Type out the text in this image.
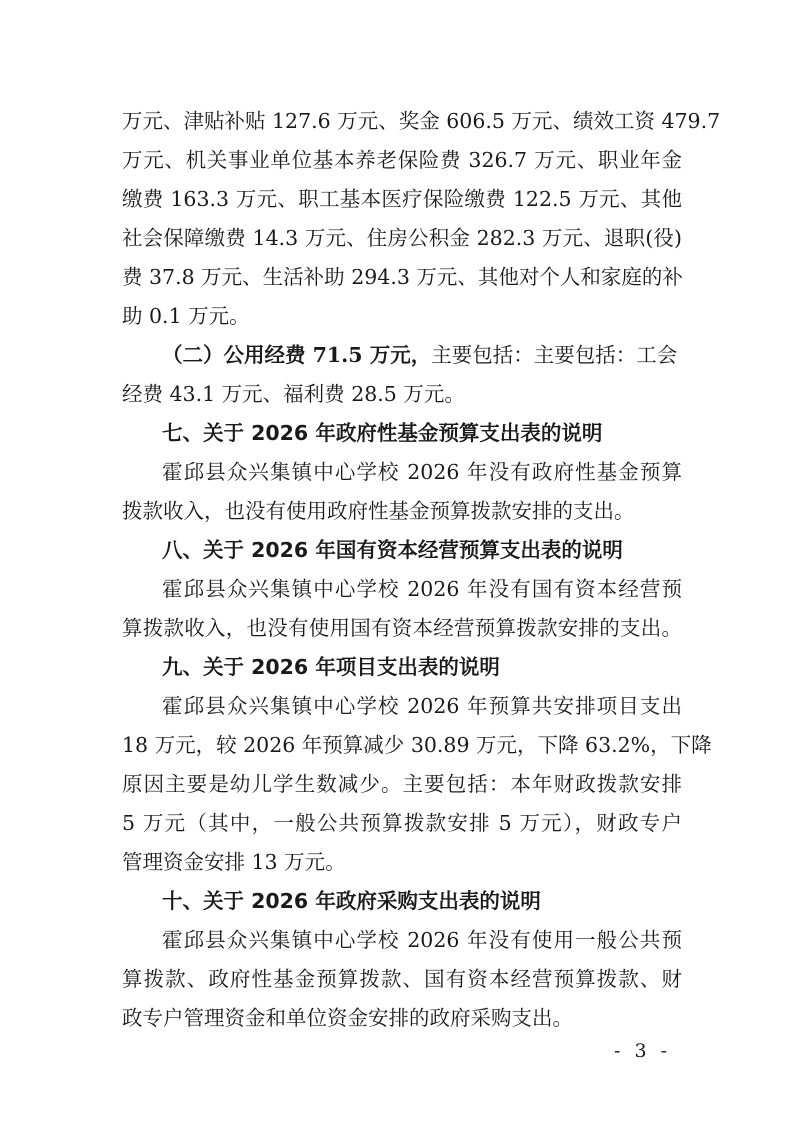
万元、津贴补贴 127.6 万元、奖金 606.5 万元、绩效工资 479.7
万元、机关事业单位基本养老保险费 326.7 万元、职业年金
缴费 163.3 万元、职工基本医疗保险缴费 122.5 万元、其他
社会保障缴费 14.3 万元、住房公积金 282.3 万元、退职(役)
费 37.8 万元、生活补助 294.3 万元、其他对个人和家庭的补
助 0.1 万元。
（二）公用经费 71.5 万元，主要包括：主要包括：工会
经费 43.1 万元、福利费 28.5 万元。
七、关于 2026 年政府性基金预算支出表的说明
霍邱县众兴集镇中心学校 2026 年没有政府性基金预算
拨款收入，也没有使用政府性基金预算拨款安排的支出。
八、关于 2026 年国有资本经营预算支出表的说明
霍邱县众兴集镇中心学校 2026 年没有国有资本经营预
算拨款收入，也没有使用国有资本经营预算拨款安排的支出。
九、关于 2026 年项目支出表的说明
霍邱县众兴集镇中心学校 2026 年预算共安排项目支出
18 万元，较 2026 年预算减少 30.89 万元，下降 63.2%，下降
原因主要是幼儿学生数减少。主要包括：本年财政拨款安排
5 万元（其中，一般公共预算拨款安排 5 万元），财政专户
管理资金安排 13 万元。
十、关于 2026 年政府采购支出表的说明
霍邱县众兴集镇中心学校 2026 年没有使用一般公共预
算拨款、政府性基金预算拨款、国有资本经营预算拨款、财
政专户管理资金和单位资金安排的政府采购支出。
- 3 -
